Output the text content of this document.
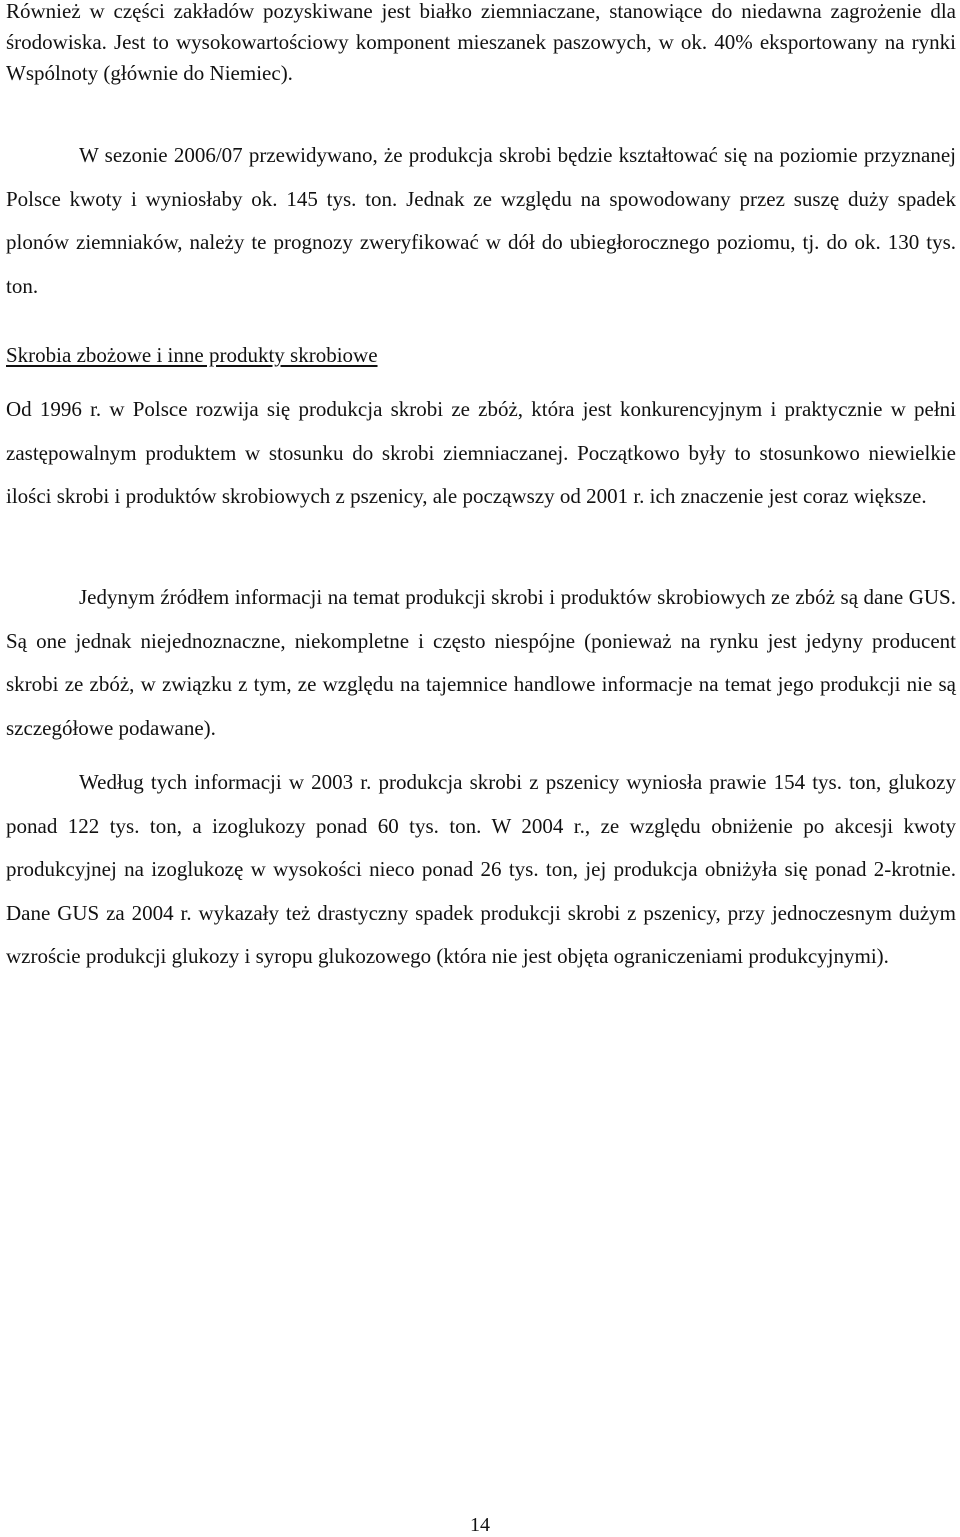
Również w części zakładów pozyskiwane jest białko ziemniaczane, stanowiące do niedawna zagrożenie dla środowiska. Jest to wysokowartościowy komponent mieszanek paszowych, w ok. 40% eksportowany na rynki Wspólnoty (głównie do Niemiec).

W sezonie 2006/07 przewidywano, że produkcja skrobi będzie kształtować się na poziomie przyznanej Polsce kwoty i wyniosłaby ok. 145 tys. ton. Jednak ze względu na spowodowany przez suszę duży spadek plonów ziemniaków, należy te prognozy zweryfikować w dół do ubiegłorocznego poziomu, tj. do ok. 130 tys. ton.

Skrobia zbożowe i inne produkty skrobiowe

Od 1996 r. w Polsce rozwija się produkcja skrobi ze zbóż, która jest konkurencyjnym i praktycznie w pełni zastępowalnym produktem w stosunku do skrobi ziemniaczanej. Początkowo były to stosunkowo niewielkie ilości skrobi i produktów skrobiowych z pszenicy, ale począwszy od 2001 r. ich znaczenie jest coraz większe.

Jedynym źródłem informacji na temat produkcji skrobi i produktów skrobiowych ze zbóż są dane GUS. Są one jednak niejednoznaczne, niekompletne i często niespójne (ponieważ na rynku jest jedyny producent skrobi ze zbóż, w związku z tym, ze względu na tajemnice handlowe informacje na temat jego produkcji nie są szczegółowe podawane).

Według tych informacji w 2003 r. produkcja skrobi z pszenicy wyniosła prawie 154 tys. ton, glukozy ponad 122 tys. ton, a izoglukozy ponad 60 tys. ton. W 2004 r., ze względu obniżenie po akcesji kwoty produkcyjnej na izoglukozę w wysokości nieco ponad 26 tys. ton, jej produkcja obniżyła się ponad 2-krotnie. Dane GUS za 2004 r. wykazały też drastyczny spadek produkcji skrobi z pszenicy, przy jednoczesnym dużym wzroście produkcji glukozy i syropu glukozowego (która nie jest objęta ograniczeniami produkcyjnymi).

14
